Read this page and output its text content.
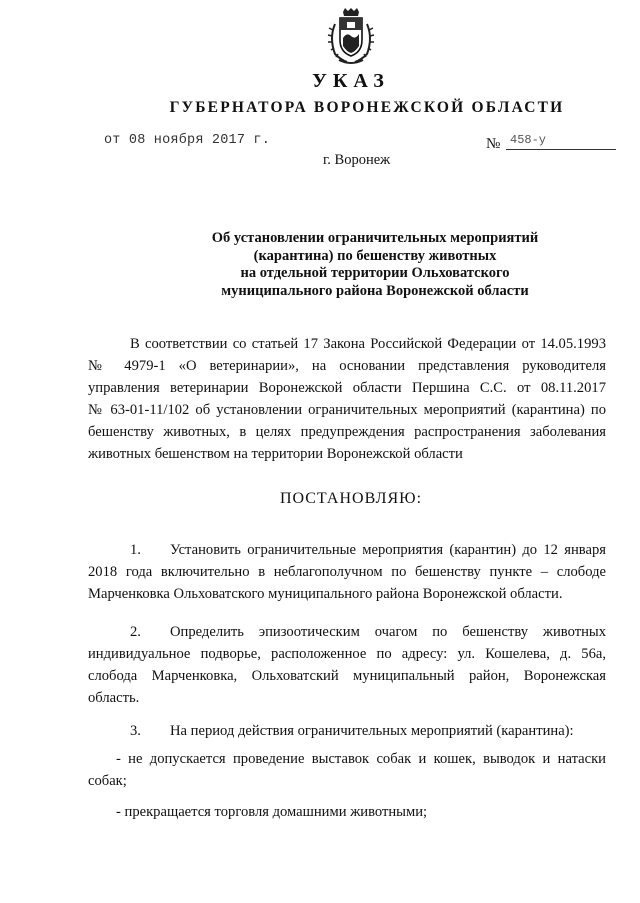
УКАЗ
ГУБЕРНАТОРА ВОРОНЕЖСКОЙ ОБЛАСТИ
от 08 ноября 2017 г.	№ 458-у
г. Воронеж
Об установлении ограничительных мероприятий
(карантина) по бешенству животных
на отдельной территории Ольховатского
муниципального района Воронежской области
В соответствии со статьей 17 Закона Российской Федерации от 14.05.1993
№ 4979-1 «О ветеринарии», на основании представления руководителя
управления ветеринарии Воронежской области Першина С.С. от 08.11.2017
№ 63-01-11/102 об установлении ограничительных мероприятий (карантина) по
бешенству животных, в целях предупреждения распространения заболевания
животных бешенством на территории Воронежской области
ПОСТАНОВЛЯЮ:
1. Установить ограничительные мероприятия (карантин) до 12 января
2018 года включительно в неблагополучном по бешенству пункте – слободе
Марченковка Ольховатского муниципального района Воронежской области.
2. Определить эпизоотическим очагом по бешенству животных
индивидуальное подворье, расположенное по адресу: ул. Кошелева, д. 56а,
слобода Марченковка, Ольховатский муниципальный район, Воронежская
область.
3. На период действия ограничительных мероприятий (карантина):
- не допускается проведение выставок собак и кошек, выводок и натаски
собак;
- прекращается торговля домашними животными;
